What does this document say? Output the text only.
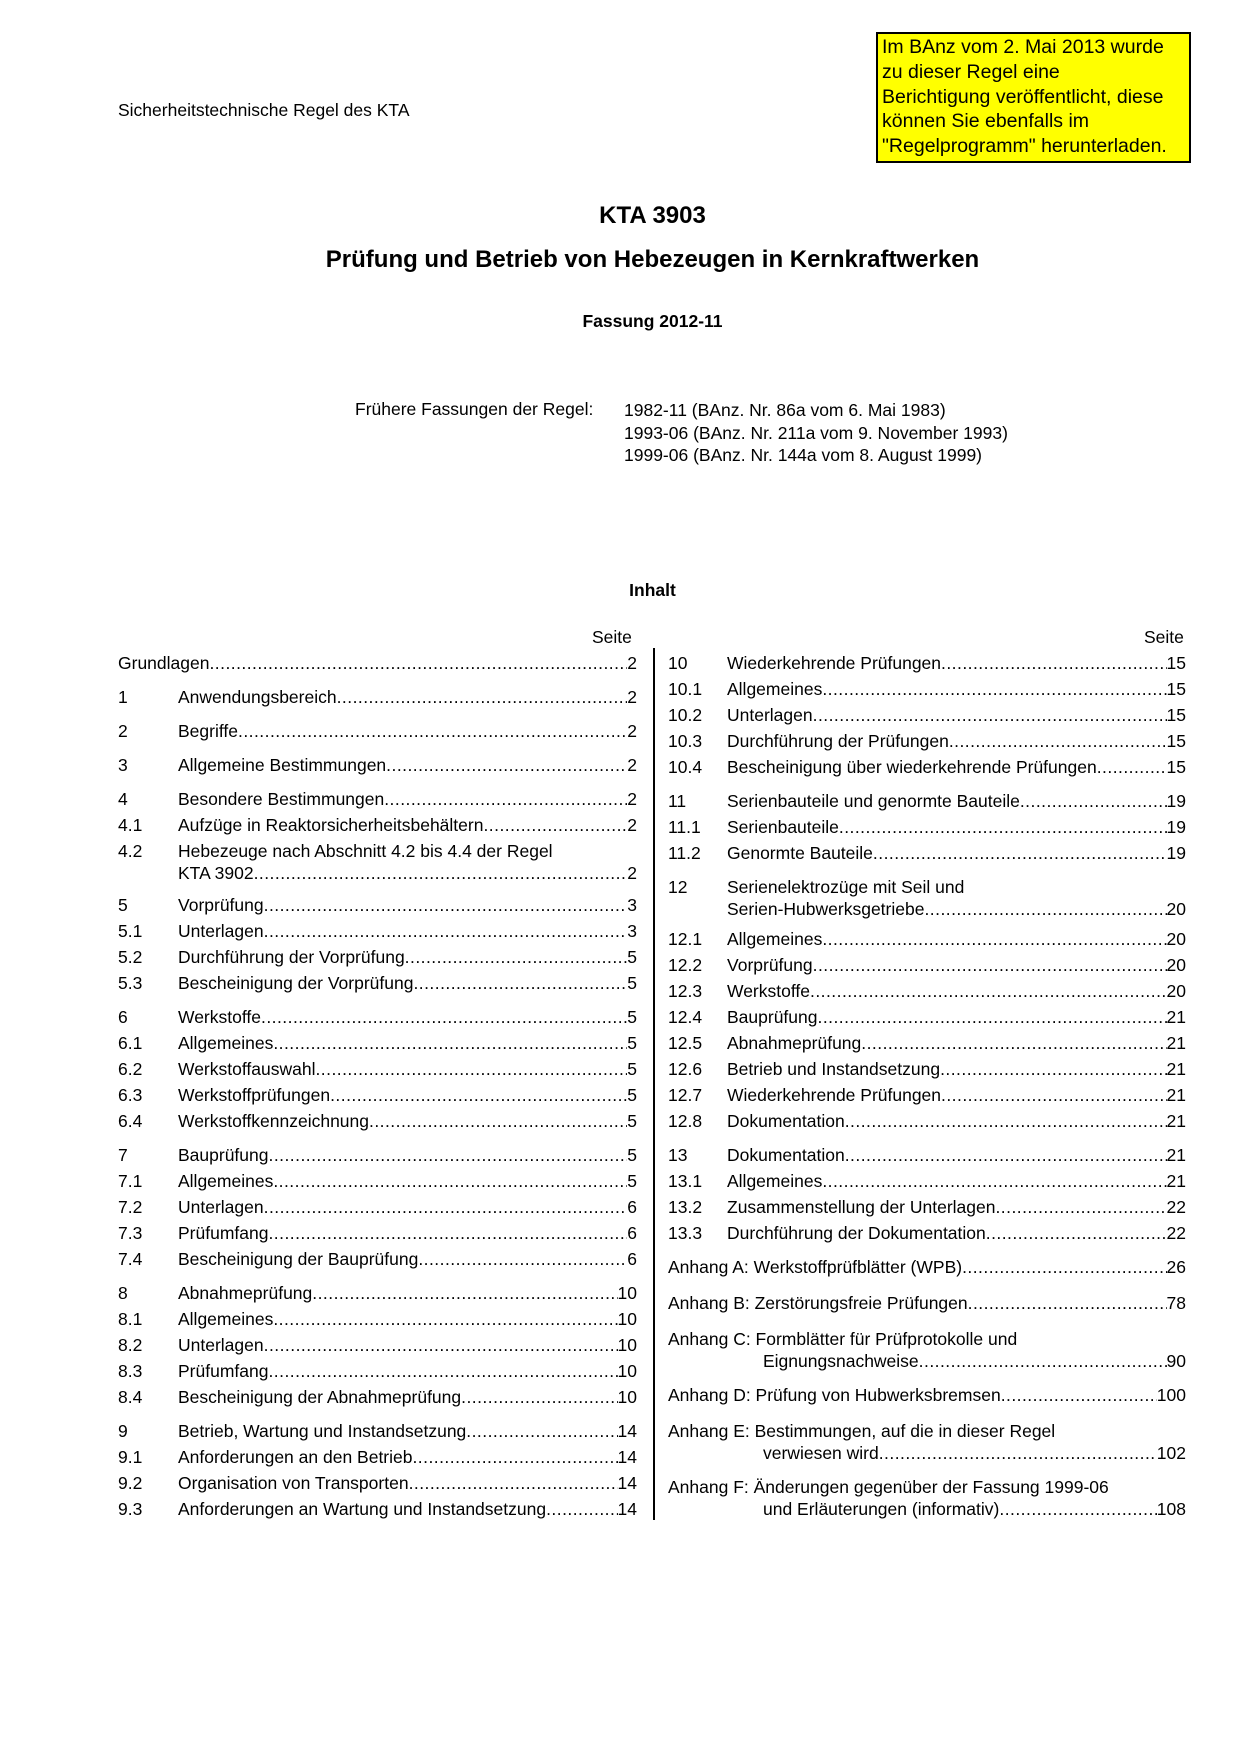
Im BAnz vom 2. Mai 2013 wurde
zu dieser Regel eine
Berichtigung veröffentlicht, diese
können Sie ebenfalls im
"Regelprogramm" herunterladen.
Sicherheitstechnische Regel des KTA
KTA 3903
Prüfung und Betrieb von Hebezeugen in Kernkraftwerken
Fassung 2012-11
Frühere Fassungen der Regel: 1982-11 (BAnz. Nr. 86a vom 6. Mai 1983)
1993-06 (BAnz. Nr. 211a vom 9. November 1993)
1999-06 (BAnz. Nr. 144a vom 8. August 1999)
Inhalt
Seite	Seite
Grundlagen . . .	2
1	Anwendungsbereich . . .	2
2	Begriffe . . .	2
3	Allgemeine Bestimmungen . . .	2
4	Besondere Bestimmungen . . .	2
4.1 Aufzüge in Reaktorsicherheitsbehältern . . .	2
4.2 Hebezeuge nach Abschnitt 4.2 bis 4.4 der Regel
KTA 3902 . . .	2
5	Vorprüfung . . .	3
5.1 Unterlagen . . .	3
5.2 Durchführung der Vorprüfung . . .	5
5.3 Bescheinigung der Vorprüfung . . .	5
6	Werkstoffe . . .	5
6.1 Allgemeines . . .	5
6.2 Werkstoffauswahl . . .	5
6.3 Werkstoffprüfungen . . .	5
6.4 Werkstoffkennzeichnung . . .	5
7	Bauprüfung . . .	5
7.1 Allgemeines . . .	5
7.2 Unterlagen . . .	6
7.3 Prüfumfang . . .	6
7.4 Bescheinigung der Bauprüfung . . .	6
8	Abnahmeprüfung . . .	10
8.1 Allgemeines . . .	10
8.2 Unterlagen . . .	10
8.3 Prüfumfang . . .	10
8.4 Bescheinigung der Abnahmeprüfung . . .	10
9	Betrieb, Wartung und Instandsetzung . . .	14
9.1 Anforderungen an den Betrieb . . .	14
9.2 Organisation von Transporten . . .	14
9.3 Anforderungen an Wartung und Instandsetzung . . .	14
10 Wiederkehrende Prüfungen . . .	15
10.1 Allgemeines . . .	15
10.2 Unterlagen . . .	15
10.3 Durchführung der Prüfungen . . .	15
10.4 Bescheinigung über wiederkehrende Prüfungen . . .	15
11 Serienbauteile und genormte Bauteile . . .	19
11.1 Serienbauteile . . .	19
11.2 Genormte Bauteile . . .	19
12 Serienelektrozüge mit Seil und
Serien-Hubwerksgetriebe . . .	20
12.1 Allgemeines . . .	20
12.2 Vorprüfung . . .	20
12.3 Werkstoffe . . .	20
12.4 Bauprüfung . . .	21
12.5 Abnahmeprüfung . . .	21
12.6 Betrieb und Instandsetzung . . .	21
12.7 Wiederkehrende Prüfungen . . .	21
12.8 Dokumentation . . .	21
13 Dokumentation . . .	21
13.1 Allgemeines . . .	21
13.2 Zusammenstellung der Unterlagen . . .	22
13.3 Durchführung der Dokumentation . . .	22
Anhang A: Werkstoffprüfblätter (WPB) . . .	26
Anhang B: Zerstörungsfreie Prüfungen . . .	78
Anhang C: Formblätter für Prüfprotokolle und
Eignungsnachweise . . .	90
Anhang D: Prüfung von Hubwerksbremsen . . .	100
Anhang E: Bestimmungen, auf die in dieser Regel
verwiesen wird . . .	102
Anhang F: Änderungen gegenüber der Fassung 1999-06
und Erläuterungen (informativ) . . .	108
